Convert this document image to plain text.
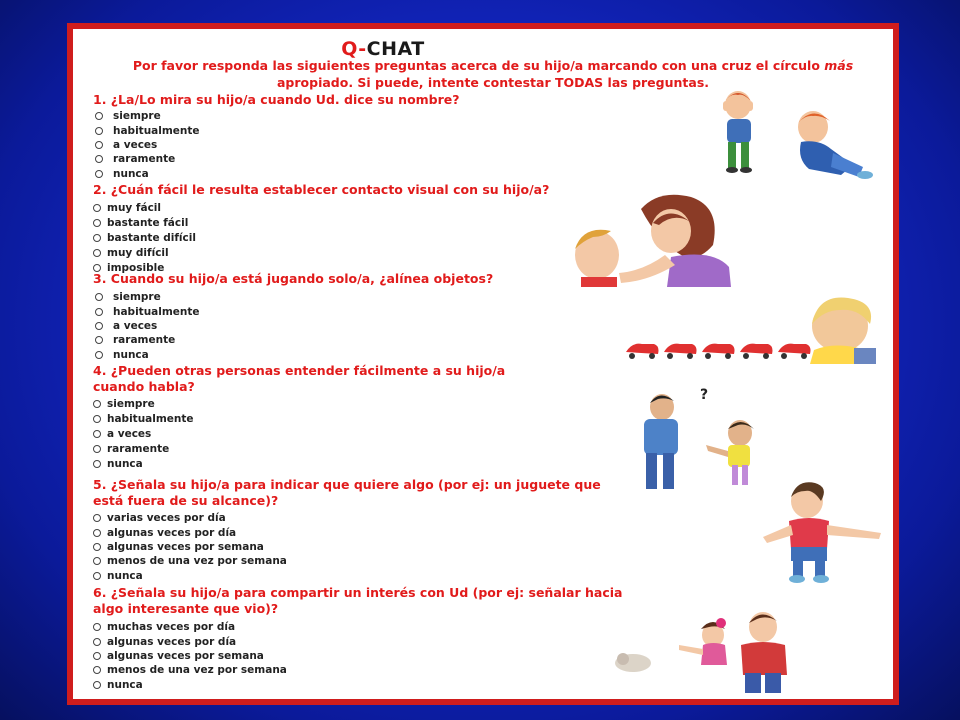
Q-CHAT
Por favor responda las siguientes preguntas acerca de su hijo/a marcando con una cruz el círculo más apropiado. Si puede, intente contestar TODAS las preguntas.
1. ¿La/Lo mira su hijo/a cuando Ud. dice su nombre?
siempre
habitualmente
a veces
raramente
nunca
2. ¿Cuán fácil le resulta establecer contacto visual con su hijo/a?
muy fácil
bastante fácil
bastante difícil
muy difícil
imposible
3. Cuando su hijo/a está jugando solo/a, ¿alínea objetos?
siempre
habitualmente
a veces
raramente
nunca
4. ¿Pueden otras personas entender fácilmente a su hijo/a
cuando habla?
siempre
habitualmente
a veces
raramente
nunca
5. ¿Señala su hijo/a para indicar que quiere algo (por ej: un juguete que
está fuera de su alcance)?
varias veces por día
algunas veces por día
algunas veces por semana
menos de una vez por semana
nunca
6. ¿Señala su hijo/a para compartir un interés con Ud (por ej: señalar hacia
algo interesante que vio)?
muchas veces por día
algunas veces por día
algunas veces por semana
menos de una vez por semana
nunca
?
